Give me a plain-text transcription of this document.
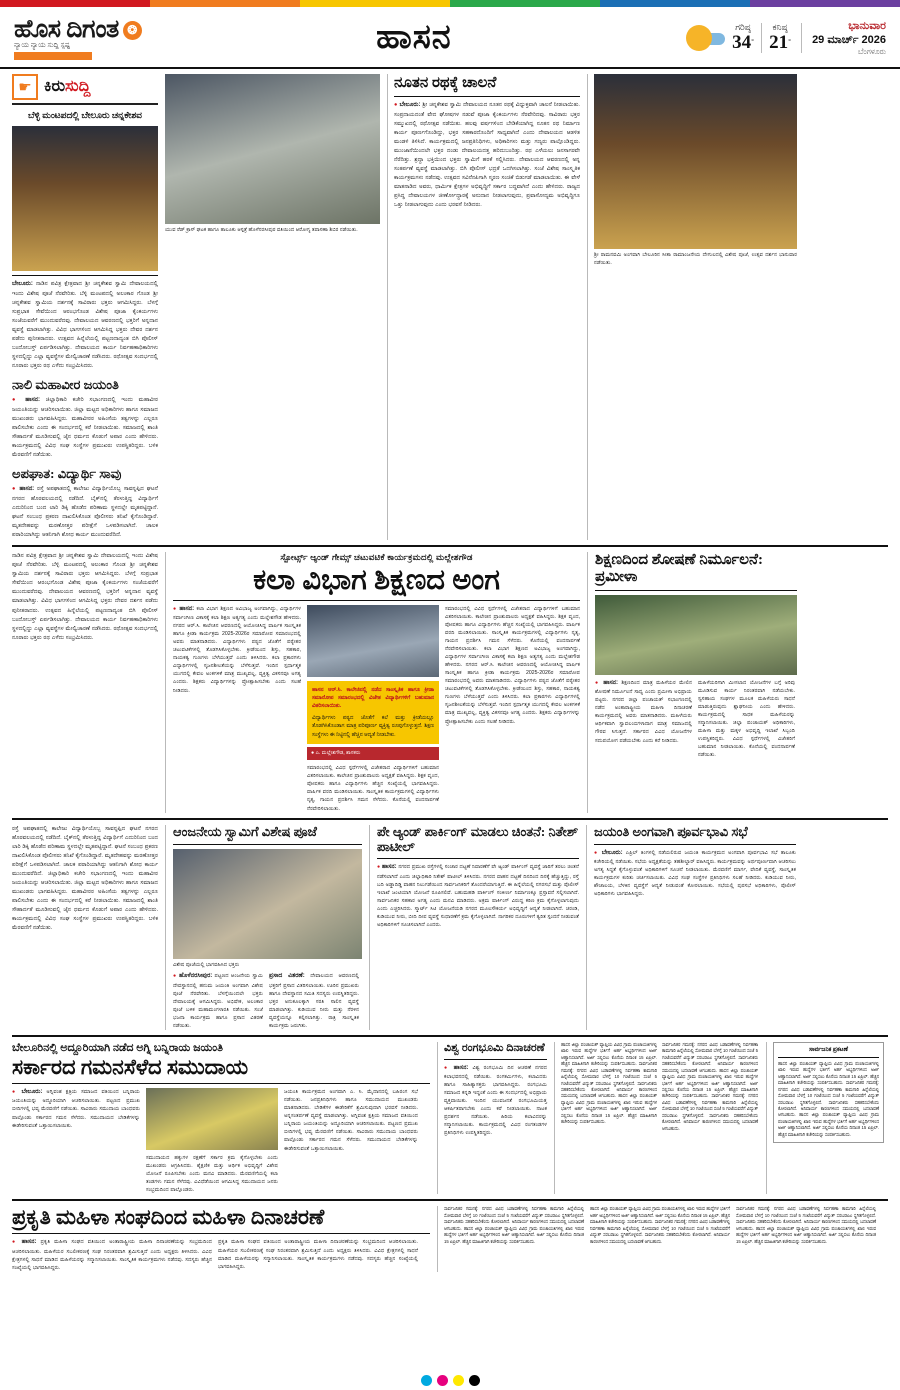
ಹೊಸ ದಿಗಂತ ❂
ನ್ಯಾಯ ನ್ಯಾಯ ಸುದ್ದಿ ಸ್ಪಷ್ಟ	ಹಾಸನ	ಗರಿಷ್ಠ
34°
ಕನಿಷ್ಠ
21°
ಭಾನುವಾರ
29 ಮಾರ್ಚ್ 2026
ಬೆಂಗಳೂರು
☛ ಕಿರುಸುದ್ದಿ
ಬೆಳ್ಳಿ ಮಂಟಪದಲ್ಲಿ ಬೇಲೂರು ಚನ್ನಕೇಶವ
ಬೇಲೂರು: ನಾಡಿನ ಪವಿತ್ರ ಕ್ಷೇತ್ರವಾದ ಶ್ರೀ ಚನ್ನಕೇಶವ ಸ್ವಾಮಿ ದೇವಾಲಯದಲ್ಲಿ ಇಂದು ವಿಶೇಷ ಪೂಜೆ ನೆರವೇರಿತು. ಬೆಳ್ಳಿ ಮಂಟಪದಲ್ಲಿ ಅಲಂಕಾರ ಗೊಂಡ ಶ್ರೀ ಚನ್ನಕೇಶವ ಸ್ವಾಮಿಯ ದರ್ಶನಕ್ಕೆ ಸಾವಿರಾರು ಭಕ್ತರು ಆಗಮಿಸಿದ್ದರು. ಬೆಳಗ್ಗೆ ಸುಪ್ರಭಾತ ಸೇವೆಯಿಂದ ಆರಂಭಗೊಂಡ ವಿಶೇಷ ಪೂಜಾ ಕೈಂಕರ್ಯಗಳು ಸಂಜೆಯವರೆಗೆ ಮುಂದುವರೆದವು. ದೇವಾಲಯದ ಆವರಣದಲ್ಲಿ ಭಕ್ತರಿಗೆ ಅನ್ನದಾನ ವ್ಯವಸ್ಥೆ ಮಾಡಲಾಗಿತ್ತು. ವಿವಿಧ ಭಾಗಗಳಿಂದ ಆಗಮಿಸಿದ್ದ ಭಕ್ತರು ದೇವರ ದರ್ಶನ ಪಡೆದು ಪುನೀತರಾದರು. ಉತ್ಸವದ ಹಿನ್ನೆಲೆಯಲ್ಲಿ ಪಟ್ಟಣದಾದ್ಯಂತ ಬಿಗಿ ಪೊಲೀಸ್ ಬಂದೋಬಸ್ತ್ ಏರ್ಪಡಿಸಲಾಗಿತ್ತು. ದೇವಾಲಯದ ಕಾರ್ಯ ನಿರ್ವಹಣಾಧಿಕಾರಿಗಳು ಸ್ಥಳದಲ್ಲಿದ್ದು ಎಲ್ಲಾ ವ್ಯವಸ್ಥೆಗಳ ಮೇಲ್ವಿಚಾರಣೆ ನಡೆಸಿದರು. ರಥೋತ್ಸವ ಸಂದರ್ಭದಲ್ಲಿ ನೂರಾರು ಭಕ್ತರು ರಥ ಎಳೆದು ಸಂಭ್ರಮಿಸಿದರು.
ನಾಲಿ ಮಹಾವೀರ ಜಯಂತಿ
● ಹಾಸನ: ಜಿಲ್ಲಾಧಿಕಾರಿ ಕಚೇರಿ ಸಭಾಂಗಣದಲ್ಲಿ ಇಂದು ಮಹಾವೀರ ಜಯಂತಿಯನ್ನು ಆಚರಿಸಲಾಯಿತು. ಜಿಲ್ಲಾ ಮಟ್ಟದ ಅಧಿಕಾರಿಗಳು ಹಾಗೂ ಸಮಾಜದ ಮುಖಂಡರು ಭಾಗವಹಿಸಿದ್ದರು. ಮಹಾವೀರರ ಅಹಿಂಸೆಯ ತತ್ವಗಳನ್ನು ಎಲ್ಲರೂ ಪಾಲಿಸಬೇಕು ಎಂದು ಈ ಸಂದರ್ಭದಲ್ಲಿ ಕರೆ ನೀಡಲಾಯಿತು. ಸಮಾಜದಲ್ಲಿ ಶಾಂತಿ ಸೌಹಾರ್ದತೆ ಮೂಡಿಸುವಲ್ಲಿ ಜೈನ ಧರ್ಮದ ಕೊಡುಗೆ ಅಪಾರ ಎಂದು ಹೇಳಿದರು. ಕಾರ್ಯಕ್ರಮದಲ್ಲಿ ವಿವಿಧ ಸಂಘ ಸಂಸ್ಥೆಗಳ ಪ್ರಮುಖರು ಉಪಸ್ಥಿತರಿದ್ದರು. ಬಳಿಕ ಮೆರವಣಿಗೆ ನಡೆಯಿತು.
ಅಪಘಾತ: ವಿದ್ಯಾರ್ಥಿ ಸಾವು
● ಹಾಸನ: ರಸ್ತೆ ಅಪಘಾತದಲ್ಲಿ ಕಾಲೇಜು ವಿದ್ಯಾರ್ಥಿಯೊಬ್ಬ ಸಾವನ್ನಪ್ಪಿದ ಘಟನೆ ನಗರದ ಹೊರವಲಯದಲ್ಲಿ ನಡೆದಿದೆ. ಬೈಕ್‌ನಲ್ಲಿ ತೆರಳುತ್ತಿದ್ದ ವಿದ್ಯಾರ್ಥಿಗೆ ಎದುರಿನಿಂದ ಬಂದ ಲಾರಿ ಡಿಕ್ಕಿ ಹೊಡೆದ ಪರಿಣಾಮ ಸ್ಥಳದಲ್ಲೇ ಮೃತಪಟ್ಟಿದ್ದಾನೆ. ಘಟನೆ ಸಂಬಂಧ ಪ್ರಕರಣ ದಾಖಲಿಸಿಕೊಂಡ ಪೊಲೀಸರು ತನಿಖೆ ಕೈಗೊಂಡಿದ್ದಾರೆ. ಮೃತದೇಹವನ್ನು ಮರಣೋತ್ತರ ಪರೀಕ್ಷೆಗೆ ಒಳಪಡಿಸಲಾಗಿದೆ. ಚಾಲಕ ಪರಾರಿಯಾಗಿದ್ದು ಆತನಿಗಾಗಿ ಶೋಧ ಕಾರ್ಯ ಮುಂದುವರೆದಿದೆ.
ಯುವ ರೆಡ್ ಕ್ರಾಸ್ ಘಟಕ ಹಾಗೂ ತಾಲೂಕು ಆಸ್ಪತ್ರೆ ಹೊಳೆನರಸೀಪುರ ವತಿಯಿಂದ ಆರೋಗ್ಯ ತಪಾಸಣಾ ಶಿಬಿರ ನಡೆಯಿತು.
ನೂತನ ರಥಕ್ಕೆ ಚಾಲನೆ
● ಬೇಲೂರು: ಶ್ರೀ ಚನ್ನಕೇಶವ ಸ್ವಾಮಿ ದೇವಾಲಯದ ನೂತನ ರಥಕ್ಕೆ ವಿಧ್ಯುಕ್ತವಾಗಿ ಚಾಲನೆ ನೀಡಲಾಯಿತು. ಸಂಪ್ರದಾಯದಂತೆ ವೇದ ಘೋಷಗಳ ನಡುವೆ ಪೂಜಾ ಕೈಂಕರ್ಯಗಳು ನೆರವೇರಿದವು. ಸಾವಿರಾರು ಭಕ್ತರ ಸಮ್ಮುಖದಲ್ಲಿ ರಥೋತ್ಸವ ನಡೆಯಿತು. ಹಲವು ವರ್ಷಗಳಿಂದ ಬೇಡಿಕೆಯಾಗಿದ್ದ ನೂತನ ರಥ ನಿರ್ಮಾಣ ಕಾರ್ಯ ಪೂರ್ಣಗೊಂಡಿದ್ದು, ಭಕ್ತರ ಸಹಕಾರದೊಂದಿಗೆ ಸಾಧ್ಯವಾಗಿದೆ ಎಂದು ದೇವಾಲಯದ ಆಡಳಿತ ಮಂಡಳಿ ತಿಳಿಸಿದೆ. ಕಾರ್ಯಕ್ರಮದಲ್ಲಿ ಜನಪ್ರತಿನಿಧಿಗಳು, ಅಧಿಕಾರಿಗಳು ಮತ್ತು ಗಣ್ಯರು ಪಾಲ್ಗೊಂಡಿದ್ದರು. ಮುಂಜಾನೆಯಿಂದಲೇ ಭಕ್ತರ ದಂಡು ದೇವಾಲಯದತ್ತ ಹರಿದುಬಂದಿತ್ತು. ರಥ ಎಳೆಯಲು ಜನಸಾಗರವೇ ನೆರೆದಿತ್ತು. ಶ್ರದ್ಧಾ ಭಕ್ತಿಯಿಂದ ಭಕ್ತರು ಸ್ವಾಮಿಗೆ ಹರಕೆ ಸಲ್ಲಿಸಿದರು. ದೇವಾಲಯದ ಆವರಣದಲ್ಲಿ ಅನ್ನ ಸಂತರ್ಪಣೆ ವ್ಯವಸ್ಥೆ ಮಾಡಲಾಗಿತ್ತು. ಬಿಗಿ ಪೊಲೀಸ್ ಭದ್ರತೆ ಒದಗಿಸಲಾಗಿತ್ತು. ಸಂಜೆ ವಿಶೇಷ ಸಾಂಸ್ಕೃತಿಕ ಕಾರ್ಯಕ್ರಮಗಳು ನಡೆದವು. ಉತ್ಸವದ ಸವಿನೆನಪಿಗಾಗಿ ಸ್ಮರಣ ಸಂಚಿಕೆ ಬಿಡುಗಡೆ ಮಾಡಲಾಯಿತು. ಈ ವೇಳೆ ಮಾತನಾಡಿದ ಅವರು, ಧಾರ್ಮಿಕ ಕ್ಷೇತ್ರಗಳ ಅಭಿವೃದ್ಧಿಗೆ ಸರ್ಕಾರ ಬದ್ಧವಾಗಿದೆ ಎಂದು ಹೇಳಿದರು. ರಾಜ್ಯದ ಪ್ರಸಿದ್ಧ ದೇವಾಲಯಗಳ ಜೀರ್ಣೋದ್ಧಾರಕ್ಕೆ ಅನುದಾನ ನೀಡಲಾಗುವುದು, ಪ್ರವಾಸೋದ್ಯಮ ಅಭಿವೃದ್ಧಿಗೂ ಒತ್ತು ನೀಡಲಾಗುವುದು ಎಂದು ಭರವಸೆ ನೀಡಿದರು.
ಶ್ರೀ ರಾಮನವಮಿ ಅಂಗವಾಗಿ ಬೇಲೂರಿನ ಸೀತಾ ರಾಮಾಂಜನೇಯ ದೇಗುಲದಲ್ಲಿ ವಿಶೇಷ ಪೂಜೆ, ಉತ್ಸವ ದರ್ಶನ ಭಾನುವಾರ ನಡೆಯಿತು.
ನಾಡಿನ ಪವಿತ್ರ ಕ್ಷೇತ್ರವಾದ ಶ್ರೀ ಚನ್ನಕೇಶವ ಸ್ವಾಮಿ ದೇವಾಲಯದಲ್ಲಿ ಇಂದು ವಿಶೇಷ ಪೂಜೆ ನೆರವೇರಿತು. ಬೆಳ್ಳಿ ಮಂಟಪದಲ್ಲಿ ಅಲಂಕಾರ ಗೊಂಡ ಶ್ರೀ ಚನ್ನಕೇಶವ ಸ್ವಾಮಿಯ ದರ್ಶನಕ್ಕೆ ಸಾವಿರಾರು ಭಕ್ತರು ಆಗಮಿಸಿದ್ದರು. ಬೆಳಗ್ಗೆ ಸುಪ್ರಭಾತ ಸೇವೆಯಿಂದ ಆರಂಭಗೊಂಡ ವಿಶೇಷ ಪೂಜಾ ಕೈಂಕರ್ಯಗಳು ಸಂಜೆಯವರೆಗೆ ಮುಂದುವರೆದವು. ದೇವಾಲಯದ ಆವರಣದಲ್ಲಿ ಭಕ್ತರಿಗೆ ಅನ್ನದಾನ ವ್ಯವಸ್ಥೆ ಮಾಡಲಾಗಿತ್ತು. ವಿವಿಧ ಭಾಗಗಳಿಂದ ಆಗಮಿಸಿದ್ದ ಭಕ್ತರು ದೇವರ ದರ್ಶನ ಪಡೆದು ಪುನೀತರಾದರು. ಉತ್ಸವದ ಹಿನ್ನೆಲೆಯಲ್ಲಿ ಪಟ್ಟಣದಾದ್ಯಂತ ಬಿಗಿ ಪೊಲೀಸ್ ಬಂದೋಬಸ್ತ್ ಏರ್ಪಡಿಸಲಾಗಿತ್ತು. ದೇವಾಲಯದ ಕಾರ್ಯ ನಿರ್ವಹಣಾಧಿಕಾರಿಗಳು ಸ್ಥಳದಲ್ಲಿದ್ದು ಎಲ್ಲಾ ವ್ಯವಸ್ಥೆಗಳ ಮೇಲ್ವಿಚಾರಣೆ ನಡೆಸಿದರು. ರಥೋತ್ಸವ ಸಂದರ್ಭದಲ್ಲಿ ನೂರಾರು ಭಕ್ತರು ರಥ ಎಳೆದು ಸಂಭ್ರಮಿಸಿದರು.
ಸ್ಪೋರ್ಟ್ಸ್ ಆ್ಯಂಡ್ ಗೇಮ್ಸ್ ಚಟುವಟಿಕೆ ಕಾರ್ಯಕ್ರಮದಲ್ಲಿ ಮಲ್ಲೇಶಗೌಡ
ಕಲಾ ವಿಭಾಗ ಶಿಕ್ಷಣದ ಅಂಗ
● ಹಾಸನ: ಕಲಾ ವಿಭಾಗ ಶಿಕ್ಷಣದ ಅವಿಭಾಜ್ಯ ಅಂಗವಾಗಿದ್ದು, ವಿದ್ಯಾರ್ಥಿಗಳ ಸರ್ವಾಂಗೀಣ ವಿಕಾಸಕ್ಕೆ ಕಲಾ ಶಿಕ್ಷಣ ಅತ್ಯಗತ್ಯ ಎಂದು ಮಲ್ಲೇಶಗೌಡ ಹೇಳಿದರು. ನಗರದ ಆರ್.ಸಿ. ಕಾಲೇಜಿನ ಆವರಣದಲ್ಲಿ ಆಯೋಜಿಸಿದ್ದ ವಾರ್ಷಿಕ ಸಾಂಸ್ಕೃತಿಕ ಹಾಗೂ ಕ್ರೀಡಾ ಕಾರ್ಯಕ್ರಮ 2025-2026ರ ಸಮಾರೋಪ ಸಮಾರಂಭದಲ್ಲಿ ಅವರು ಮಾತನಾಡಿದರು. ವಿದ್ಯಾರ್ಥಿಗಳು ಪಠ್ಯದ ಜೊತೆಗೆ ಪಠ್ಯೇತರ ಚಟುವಟಿಕೆಗಳಲ್ಲಿ ತೊಡಗಿಸಿಕೊಳ್ಳಬೇಕು. ಕ್ರೀಡೆಯಿಂದ ಶಿಸ್ತು, ಸಹಕಾರ, ನಾಯಕತ್ವ ಗುಣಗಳು ಬೆಳೆಯುತ್ತವೆ ಎಂದು ತಿಳಿಸಿದರು. ಕಲಾ ಪ್ರಕಾರಗಳು ವಿದ್ಯಾರ್ಥಿಗಳಲ್ಲಿ ಸೃಜನಶೀಲತೆಯನ್ನು ಬೆಳೆಸುತ್ತವೆ. ಇಂದಿನ ಸ್ಪರ್ಧಾತ್ಮಕ ಯುಗದಲ್ಲಿ ಕೇವಲ ಅಂಕಗಳಿಕೆ ಮಾತ್ರ ಮುಖ್ಯವಲ್ಲ, ವ್ಯಕ್ತಿತ್ವ ವಿಕಸನವೂ ಅಗತ್ಯ ಎಂದರು. ಶಿಕ್ಷಕರು ವಿದ್ಯಾರ್ಥಿಗಳನ್ನು ಪ್ರೋತ್ಸಾಹಿಸಬೇಕು ಎಂದು ಸಲಹೆ ನೀಡಿದರು.	ಹಾಸನ ಆರ್.ಸಿ. ಕಾಲೇಜಿನಲ್ಲಿ ನಡೆದ ಸಾಂಸ್ಕೃತಿಕ ಹಾಗೂ ಕ್ರೀಡಾ ಸಮಾರೋಪ ಸಮಾರಂಭದಲ್ಲಿ ವಿಜೇತ ವಿದ್ಯಾರ್ಥಿಗಳಿಗೆ ಬಹುಮಾನ ವಿತರಿಸಲಾಯಿತು.
ವಿದ್ಯಾರ್ಥಿಗಳು ಪಠ್ಯದ ಜೊತೆಗೆ ಕಲೆ ಮತ್ತು ಕ್ರೀಡೆಯಲ್ಲೂ ತೊಡಗಿಸಿಕೊಂಡಾಗ ಮಾತ್ರ ಪರಿಪೂರ್ಣ ವ್ಯಕ್ತಿತ್ವ ರೂಪುಗೊಳ್ಳುತ್ತದೆ. ಶಿಕ್ಷಣ ಸಂಸ್ಥೆಗಳು ಈ ನಿಟ್ಟಿನಲ್ಲಿ ಹೆಚ್ಚಿನ ಆದ್ಯತೆ ನೀಡಬೇಕು.
● ಎ. ಮಲ್ಲೇಶಗೌಡ, ಶಾಸಕರು
ಸಮಾರಂಭದಲ್ಲಿ ವಿವಿಧ ಸ್ಪರ್ಧೆಗಳಲ್ಲಿ ವಿಜೇತರಾದ ವಿದ್ಯಾರ್ಥಿಗಳಿಗೆ ಬಹುಮಾನ ವಿತರಿಸಲಾಯಿತು. ಕಾಲೇಜಿನ ಪ್ರಾಂಶುಪಾಲರು ಅಧ್ಯಕ್ಷತೆ ವಹಿಸಿದ್ದರು. ಶಿಕ್ಷಕ ವೃಂದ, ಪೋಷಕರು ಹಾಗೂ ವಿದ್ಯಾರ್ಥಿಗಳು ಹೆಚ್ಚಿನ ಸಂಖ್ಯೆಯಲ್ಲಿ ಭಾಗವಹಿಸಿದ್ದರು. ವಾರ್ಷಿಕ ವರದಿ ಮಂಡಿಸಲಾಯಿತು. ಸಾಂಸ್ಕೃತಿಕ ಕಾರ್ಯಕ್ರಮಗಳಲ್ಲಿ ವಿದ್ಯಾರ್ಥಿಗಳು ನೃತ್ಯ, ಗಾಯನ ಪ್ರದರ್ಶಿಸಿ ಗಮನ ಸೆಳೆದರು. ಕೊನೆಯಲ್ಲಿ ವಂದನಾರ್ಪಣೆ ನೆರವೇರಿಸಲಾಯಿತು.
ಸಮಾರಂಭದಲ್ಲಿ ವಿವಿಧ ಸ್ಪರ್ಧೆಗಳಲ್ಲಿ ವಿಜೇತರಾದ ವಿದ್ಯಾರ್ಥಿಗಳಿಗೆ ಬಹುಮಾನ ವಿತರಿಸಲಾಯಿತು. ಕಾಲೇಜಿನ ಪ್ರಾಂಶುಪಾಲರು ಅಧ್ಯಕ್ಷತೆ ವಹಿಸಿದ್ದರು. ಶಿಕ್ಷಕ ವೃಂದ, ಪೋಷಕರು ಹಾಗೂ ವಿದ್ಯಾರ್ಥಿಗಳು ಹೆಚ್ಚಿನ ಸಂಖ್ಯೆಯಲ್ಲಿ ಭಾಗವಹಿಸಿದ್ದರು. ವಾರ್ಷಿಕ ವರದಿ ಮಂಡಿಸಲಾಯಿತು. ಸಾಂಸ್ಕೃತಿಕ ಕಾರ್ಯಕ್ರಮಗಳಲ್ಲಿ ವಿದ್ಯಾರ್ಥಿಗಳು ನೃತ್ಯ, ಗಾಯನ ಪ್ರದರ್ಶಿಸಿ ಗಮನ ಸೆಳೆದರು. ಕೊನೆಯಲ್ಲಿ ವಂದನಾರ್ಪಣೆ ನೆರವೇರಿಸಲಾಯಿತು. ಕಲಾ ವಿಭಾಗ ಶಿಕ್ಷಣದ ಅವಿಭಾಜ್ಯ ಅಂಗವಾಗಿದ್ದು, ವಿದ್ಯಾರ್ಥಿಗಳ ಸರ್ವಾಂಗೀಣ ವಿಕಾಸಕ್ಕೆ ಕಲಾ ಶಿಕ್ಷಣ ಅತ್ಯಗತ್ಯ ಎಂದು ಮಲ್ಲೇಶಗೌಡ ಹೇಳಿದರು. ನಗರದ ಆರ್.ಸಿ. ಕಾಲೇಜಿನ ಆವರಣದಲ್ಲಿ ಆಯೋಜಿಸಿದ್ದ ವಾರ್ಷಿಕ ಸಾಂಸ್ಕೃತಿಕ ಹಾಗೂ ಕ್ರೀಡಾ ಕಾರ್ಯಕ್ರಮ 2025-2026ರ ಸಮಾರೋಪ ಸಮಾರಂಭದಲ್ಲಿ ಅವರು ಮಾತನಾಡಿದರು. ವಿದ್ಯಾರ್ಥಿಗಳು ಪಠ್ಯದ ಜೊತೆಗೆ ಪಠ್ಯೇತರ ಚಟುವಟಿಕೆಗಳಲ್ಲಿ ತೊಡಗಿಸಿಕೊಳ್ಳಬೇಕು. ಕ್ರೀಡೆಯಿಂದ ಶಿಸ್ತು, ಸಹಕಾರ, ನಾಯಕತ್ವ ಗುಣಗಳು ಬೆಳೆಯುತ್ತವೆ ಎಂದು ತಿಳಿಸಿದರು. ಕಲಾ ಪ್ರಕಾರಗಳು ವಿದ್ಯಾರ್ಥಿಗಳಲ್ಲಿ ಸೃಜನಶೀಲತೆಯನ್ನು ಬೆಳೆಸುತ್ತವೆ. ಇಂದಿನ ಸ್ಪರ್ಧಾತ್ಮಕ ಯುಗದಲ್ಲಿ ಕೇವಲ ಅಂಕಗಳಿಕೆ ಮಾತ್ರ ಮುಖ್ಯವಲ್ಲ, ವ್ಯಕ್ತಿತ್ವ ವಿಕಸನವೂ ಅಗತ್ಯ ಎಂದರು. ಶಿಕ್ಷಕರು ವಿದ್ಯಾರ್ಥಿಗಳನ್ನು ಪ್ರೋತ್ಸಾಹಿಸಬೇಕು ಎಂದು ಸಲಹೆ ನೀಡಿದರು.
ಶಿಕ್ಷಣದಿಂದ ಶೋಷಣೆ ನಿರ್ಮೂಲನೆ: ಪ್ರಮೀಳಾ
● ಹಾಸನ: ಶಿಕ್ಷಣದಿಂದ ಮಾತ್ರ ಮಹಿಳೆಯರ ಮೇಲಿನ ಶೋಷಣೆ ನಿರ್ಮೂಲನೆ ಸಾಧ್ಯ ಎಂದು ಪ್ರಮೀಳಾ ಅಭಿಪ್ರಾಯ ಪಟ್ಟರು. ನಗರದ ಜಿಲ್ಲಾ ಪಂಚಾಯತ್ ಸಭಾಂಗಣದಲ್ಲಿ ನಡೆದ ಅಂತಾರಾಷ್ಟ್ರೀಯ ಮಹಿಳಾ ದಿನಾಚರಣೆ ಕಾರ್ಯಕ್ರಮದಲ್ಲಿ ಅವರು ಮಾತನಾಡಿದರು. ಮಹಿಳೆಯರು ಆರ್ಥಿಕವಾಗಿ ಸ್ವಾವಲಂಬಿಗಳಾದಾಗ ಮಾತ್ರ ಸಮಾಜದಲ್ಲಿ ಗೌರವ ಸಿಗುತ್ತದೆ. ಸರ್ಕಾರದ ವಿವಿಧ ಯೋಜನೆಗಳ ಸದುಪಯೋಗ ಪಡೆಯಬೇಕು ಎಂದು ಕರೆ ನೀಡಿದರು.
ಮಹಿಳೆಯರಿಗಾಗಿ ಮೀಸಲಾದ ಯೋಜನೆಗಳ ಬಗ್ಗೆ ಅರಿವು ಮೂಡಿಸುವ ಕಾರ್ಯ ನಿರಂತರವಾಗಿ ನಡೆಯಬೇಕು. ಸ್ವಸಹಾಯ ಸಂಘಗಳ ಮೂಲಕ ಮಹಿಳೆಯರು ಸಾಧನೆ ಮಾಡುತ್ತಿರುವುದು ಶ್ಲಾಘನೀಯ ಎಂದು ಹೇಳಿದರು. ಕಾರ್ಯಕ್ರಮದಲ್ಲಿ ಸಾಧಕ ಮಹಿಳೆಯರನ್ನು ಸನ್ಮಾನಿಸಲಾಯಿತು. ಜಿಲ್ಲಾ ಪಂಚಾಯತ್ ಅಧಿಕಾರಿಗಳು, ಮಹಿಳಾ ಮತ್ತು ಮಕ್ಕಳ ಅಭಿವೃದ್ಧಿ ಇಲಾಖೆ ಸಿಬ್ಬಂದಿ ಉಪಸ್ಥಿತರಿದ್ದರು. ವಿವಿಧ ಸ್ಪರ್ಧೆಗಳಲ್ಲಿ ವಿಜೇತರಿಗೆ ಬಹುಮಾನ ನೀಡಲಾಯಿತು. ಕೊನೆಯಲ್ಲಿ ವಂದನಾರ್ಪಣೆ ನಡೆಯಿತು.
ರಸ್ತೆ ಅಪಘಾತದಲ್ಲಿ ಕಾಲೇಜು ವಿದ್ಯಾರ್ಥಿಯೊಬ್ಬ ಸಾವನ್ನಪ್ಪಿದ ಘಟನೆ ನಗರದ ಹೊರವಲಯದಲ್ಲಿ ನಡೆದಿದೆ. ಬೈಕ್‌ನಲ್ಲಿ ತೆರಳುತ್ತಿದ್ದ ವಿದ್ಯಾರ್ಥಿಗೆ ಎದುರಿನಿಂದ ಬಂದ ಲಾರಿ ಡಿಕ್ಕಿ ಹೊಡೆದ ಪರಿಣಾಮ ಸ್ಥಳದಲ್ಲೇ ಮೃತಪಟ್ಟಿದ್ದಾನೆ. ಘಟನೆ ಸಂಬಂಧ ಪ್ರಕರಣ ದಾಖಲಿಸಿಕೊಂಡ ಪೊಲೀಸರು ತನಿಖೆ ಕೈಗೊಂಡಿದ್ದಾರೆ. ಮೃತದೇಹವನ್ನು ಮರಣೋತ್ತರ ಪರೀಕ್ಷೆಗೆ ಒಳಪಡಿಸಲಾಗಿದೆ. ಚಾಲಕ ಪರಾರಿಯಾಗಿದ್ದು ಆತನಿಗಾಗಿ ಶೋಧ ಕಾರ್ಯ ಮುಂದುವರೆದಿದೆ. ಜಿಲ್ಲಾಧಿಕಾರಿ ಕಚೇರಿ ಸಭಾಂಗಣದಲ್ಲಿ ಇಂದು ಮಹಾವೀರ ಜಯಂತಿಯನ್ನು ಆಚರಿಸಲಾಯಿತು. ಜಿಲ್ಲಾ ಮಟ್ಟದ ಅಧಿಕಾರಿಗಳು ಹಾಗೂ ಸಮಾಜದ ಮುಖಂಡರು ಭಾಗವಹಿಸಿದ್ದರು. ಮಹಾವೀರರ ಅಹಿಂಸೆಯ ತತ್ವಗಳನ್ನು ಎಲ್ಲರೂ ಪಾಲಿಸಬೇಕು ಎಂದು ಈ ಸಂದರ್ಭದಲ್ಲಿ ಕರೆ ನೀಡಲಾಯಿತು. ಸಮಾಜದಲ್ಲಿ ಶಾಂತಿ ಸೌಹಾರ್ದತೆ ಮೂಡಿಸುವಲ್ಲಿ ಜೈನ ಧರ್ಮದ ಕೊಡುಗೆ ಅಪಾರ ಎಂದು ಹೇಳಿದರು. ಕಾರ್ಯಕ್ರಮದಲ್ಲಿ ವಿವಿಧ ಸಂಘ ಸಂಸ್ಥೆಗಳ ಪ್ರಮುಖರು ಉಪಸ್ಥಿತರಿದ್ದರು. ಬಳಿಕ ಮೆರವಣಿಗೆ ನಡೆಯಿತು.
ಆಂಜನೇಯ ಸ್ವಾಮಿಗೆ ವಿಶೇಷ ಪೂಜೆ
ವಿಶೇಷ ಪೂಜೆಯಲ್ಲಿ ಭಾಗವಹಿಸಿದ ಭಕ್ತರು
● ಹೊಳೆನರಸೀಪುರ: ಪಟ್ಟಣದ ಆಂಜನೇಯ ಸ್ವಾಮಿ ದೇವಸ್ಥಾನದಲ್ಲಿ ಹನುಮ ಜಯಂತಿ ಅಂಗವಾಗಿ ವಿಶೇಷ ಪೂಜೆ ನೆರವೇರಿತು. ಬೆಳಗ್ಗೆಯಿಂದಲೇ ಭಕ್ತರು ದೇವಾಲಯಕ್ಕೆ ಆಗಮಿಸಿದ್ದರು. ಅಭಿಷೇಕ, ಅಲಂಕಾರ ಪೂಜೆ ಬಳಿಕ ಮಹಾಮಂಗಳಾರತಿ ನಡೆಯಿತು. ಸಂಜೆ ಭಜನಾ ಕಾರ್ಯಕ್ರಮ ಹಾಗೂ ಪ್ರಸಾದ ವಿತರಣೆ ನಡೆಯಿತು.
ಪ್ರಸಾದ ವಿತರಣೆ: ದೇವಾಲಯದ ಆವರಣದಲ್ಲಿ ಭಕ್ತರಿಗೆ ಪ್ರಸಾದ ವಿತರಿಸಲಾಯಿತು. ಊರಿನ ಪ್ರಮುಖರು ಹಾಗೂ ದೇವಸ್ಥಾನದ ಸಮಿತಿ ಸದಸ್ಯರು ಉಪಸ್ಥಿತರಿದ್ದರು. ಭಕ್ತರ ಅನುಕೂಲಕ್ಕಾಗಿ ಸರತಿ ಸಾಲಿನ ವ್ಯವಸ್ಥೆ ಮಾಡಲಾಗಿತ್ತು. ಕುಡಿಯುವ ನೀರು ಮತ್ತು ನೆರಳಿನ ವ್ಯವಸ್ಥೆಯನ್ನೂ ಕಲ್ಪಿಸಲಾಗಿತ್ತು. ರಾತ್ರಿ ಸಾಂಸ್ಕೃತಿಕ ಕಾರ್ಯಕ್ರಮ ಜರುಗಿತು.
ಪೇ ಆ್ಯಂಡ್ ಪಾರ್ಕಿಂಗ್ ಮಾಡಲು ಚಿಂತನೆ: ನಿತೇಶ್ ಪಾಟೀಲ್
● ಹಾಸನ: ನಗರದ ಪ್ರಮುಖ ರಸ್ತೆಗಳಲ್ಲಿ ಸಂಚಾರ ದಟ್ಟಣೆ ನಿವಾರಣೆಗೆ ಪೇ ಆ್ಯಂಡ್ ಪಾರ್ಕಿಂಗ್ ವ್ಯವಸ್ಥೆ ಜಾರಿಗೆ ತರಲು ಚಿಂತನೆ ನಡೆಸಲಾಗಿದೆ ಎಂದು ಜಿಲ್ಲಾಧಿಕಾರಿ ನಿತೇಶ್ ಪಾಟೀಲ್ ತಿಳಿಸಿದರು. ನಗರದ ವಾಹನ ದಟ್ಟಣೆ ದಿನದಿಂದ ದಿನಕ್ಕೆ ಹೆಚ್ಚುತ್ತಿದ್ದು, ರಸ್ತೆ ಬದಿ ಅಡ್ಡಾದಿಡ್ಡಿ ವಾಹನ ನಿಲುಗಡೆಯಿಂದ ಸಾರ್ವಜನಿಕರಿಗೆ ತೊಂದರೆಯಾಗುತ್ತಿದೆ. ಈ ಹಿನ್ನೆಲೆಯಲ್ಲಿ ನಗರಸಭೆ ಮತ್ತು ಪೊಲೀಸ್ ಇಲಾಖೆ ಜಂಟಿಯಾಗಿ ಯೋಜನೆ ರೂಪಿಸಲಿವೆ. ಬಹುಮಹಡಿ ಪಾರ್ಕಿಂಗ್ ಸಂಕೀರ್ಣ ನಿರ್ಮಾಣಕ್ಕೂ ಪ್ರಸ್ತಾವನೆ ಸಲ್ಲಿಸಲಾಗಿದೆ. ಸಾರ್ವಜನಿಕರ ಸಹಕಾರ ಅಗತ್ಯ ಎಂದು ಮನವಿ ಮಾಡಿದರು. ಅಕ್ರಮ ಪಾರ್ಕಿಂಗ್ ವಿರುದ್ಧ ಕಠಿಣ ಕ್ರಮ ಕೈಗೊಳ್ಳಲಾಗುವುದು ಎಂದು ಎಚ್ಚರಿಸಿದರು. ಸ್ಮಾರ್ಟ್ ಸಿಟಿ ಯೋಜನೆಯಡಿ ನಗರದ ಮೂಲಸೌಕರ್ಯ ಅಭಿವೃದ್ಧಿಗೆ ಆದ್ಯತೆ ನೀಡಲಾಗಿದೆ. ಚರಂಡಿ, ಕುಡಿಯುವ ನೀರು, ಬೀದಿ ದೀಪ ವ್ಯವಸ್ಥೆ ಸುಧಾರಣೆಗೆ ಕ್ರಮ ಕೈಗೊಳ್ಳಲಾಗಿದೆ. ನಾಗರಿಕರ ದೂರುಗಳಿಗೆ ತ್ವರಿತ ಸ್ಪಂದನೆ ನೀಡುವಂತೆ ಅಧಿಕಾರಿಗಳಿಗೆ ಸೂಚಿಸಲಾಗಿದೆ ಎಂದರು.
ಜಯಂತಿ ಅಂಗವಾಗಿ ಪೂರ್ವಭಾವಿ ಸಭೆ
● ಬೇಲೂರು: ಎಪ್ರಿಲ್ ತಿಂಗಳಲ್ಲಿ ನಡೆಯಲಿರುವ ಜಯಂತಿ ಕಾರ್ಯಕ್ರಮದ ಅಂಗವಾಗಿ ಪೂರ್ವಭಾವಿ ಸಭೆ ತಾಲೂಕು ಕಚೇರಿಯಲ್ಲಿ ನಡೆಯಿತು. ಸಭೆಯ ಅಧ್ಯಕ್ಷತೆಯನ್ನು ತಹಶೀಲ್ದಾರ್ ವಹಿಸಿದ್ದರು. ಕಾರ್ಯಕ್ರಮವನ್ನು ಅರ್ಥಪೂರ್ಣವಾಗಿ ಆಚರಿಸಲು ಅಗತ್ಯ ಸಿದ್ಧತೆ ಕೈಗೊಳ್ಳುವಂತೆ ಅಧಿಕಾರಿಗಳಿಗೆ ಸೂಚನೆ ನೀಡಲಾಯಿತು. ಮೆರವಣಿಗೆ ಮಾರ್ಗ, ವೇದಿಕೆ ವ್ಯವಸ್ಥೆ, ಸಾಂಸ್ಕೃತಿಕ ಕಾರ್ಯಕ್ರಮಗಳ ಕುರಿತು ಚರ್ಚಿಸಲಾಯಿತು. ವಿವಿಧ ಸಂಘ ಸಂಸ್ಥೆಗಳ ಪ್ರತಿನಿಧಿಗಳು ಸಲಹೆ ನೀಡಿದರು. ಕುಡಿಯುವ ನೀರು, ಶೌಚಾಲಯ, ಬೆಳಕಿನ ವ್ಯವಸ್ಥೆಗೆ ಆದ್ಯತೆ ನೀಡುವಂತೆ ಕೋರಲಾಯಿತು. ಸಭೆಯಲ್ಲಿ ಪುರಸಭೆ ಅಧಿಕಾರಿಗಳು, ಪೊಲೀಸ್ ಅಧಿಕಾರಿಗಳು ಭಾಗವಹಿಸಿದ್ದರು.
ಬೇಲೂರಿನಲ್ಲಿ ಅದ್ದೂರಿಯಾಗಿ ನಡೆದ ಅಗ್ನಿ ಬನ್ನಿರಾಯ ಜಯಂತಿ
ಸರ್ಕಾರದ ಗಮನಸೆಳೆದ ಸಮುದಾಯ
● ಬೇಲೂರು: ಅಗ್ನಿವಂಶ ಕ್ಷತ್ರಿಯ ಸಮಾಜದ ವತಿಯಿಂದ ಬನ್ನಿರಾಯ ಜಯಂತಿಯನ್ನು ಅದ್ದೂರಿಯಾಗಿ ಆಚರಿಸಲಾಯಿತು. ಪಟ್ಟಣದ ಪ್ರಮುಖ ಬೀದಿಗಳಲ್ಲಿ ಭವ್ಯ ಮೆರವಣಿಗೆ ನಡೆಯಿತು. ಸಾವಿರಾರು ಸಮುದಾಯ ಬಾಂಧವರು ಪಾಲ್ಗೊಂಡು ಸರ್ಕಾರದ ಗಮನ ಸೆಳೆದರು. ಸಮುದಾಯದ ಬೇಡಿಕೆಗಳನ್ನು ಈಡೇರಿಸುವಂತೆ ಒತ್ತಾಯಿಸಲಾಯಿತು.
ಸಮುದಾಯದ ಹಕ್ಕುಗಳ ರಕ್ಷಣೆಗೆ ಸರ್ಕಾರ ಕ್ರಮ ಕೈಗೊಳ್ಳಬೇಕು ಎಂದು ಮುಖಂಡರು ಆಗ್ರಹಿಸಿದರು. ಶೈಕ್ಷಣಿಕ ಮತ್ತು ಆರ್ಥಿಕ ಅಭಿವೃದ್ಧಿಗೆ ವಿಶೇಷ ಯೋಜನೆ ರೂಪಿಸಬೇಕು ಎಂದು ಮನವಿ ಮಾಡಿದರು. ಮೆರವಣಿಗೆಯಲ್ಲಿ ಕಲಾ ತಂಡಗಳು ಗಮನ ಸೆಳೆದವು. ವಿವಿಧೆಡೆಯಿಂದ ಆಗಮಿಸಿದ್ದ ಸಮುದಾಯದ ಜನರು ಸಂಭ್ರಮದಿಂದ ಪಾಲ್ಗೊಂಡರು.
ಜಯಂತಿ ಕಾರ್ಯಕ್ರಮದ ಅಂಗವಾಗಿ ಎ. ಸಿ. ಮೈದಾನದಲ್ಲಿ ಬಹಿರಂಗ ಸಭೆ ನಡೆಯಿತು. ಜನಪ್ರತಿನಿಧಿಗಳು ಹಾಗೂ ಸಮುದಾಯದ ಮುಖಂಡರು ಮಾತನಾಡಿದರು. ಬೇಡಿಕೆಗಳ ಈಡೇರಿಕೆಗೆ ಶ್ರಮಿಸುವುದಾಗಿ ಭರವಸೆ ನೀಡಿದರು. ಅನ್ನಸಂತರ್ಪಣೆ ವ್ಯವಸ್ಥೆ ಮಾಡಲಾಗಿತ್ತು. ಅಗ್ನಿವಂಶ ಕ್ಷತ್ರಿಯ ಸಮಾಜದ ವತಿಯಿಂದ ಬನ್ನಿರಾಯ ಜಯಂತಿಯನ್ನು ಅದ್ದೂರಿಯಾಗಿ ಆಚರಿಸಲಾಯಿತು. ಪಟ್ಟಣದ ಪ್ರಮುಖ ಬೀದಿಗಳಲ್ಲಿ ಭವ್ಯ ಮೆರವಣಿಗೆ ನಡೆಯಿತು. ಸಾವಿರಾರು ಸಮುದಾಯ ಬಾಂಧವರು ಪಾಲ್ಗೊಂಡು ಸರ್ಕಾರದ ಗಮನ ಸೆಳೆದರು. ಸಮುದಾಯದ ಬೇಡಿಕೆಗಳನ್ನು ಈಡೇರಿಸುವಂತೆ ಒತ್ತಾಯಿಸಲಾಯಿತು.
ವಿಶ್ವ ರಂಗಭೂಮಿ ದಿನಾಚರಣೆ
● ಹಾಸನ: ವಿಶ್ವ ರಂಗಭೂಮಿ ದಿನ ಆಚರಣೆ ನಗರದ ಕಲಾಭವನದಲ್ಲಿ ನಡೆಯಿತು. ರಂಗಕರ್ಮಿಗಳು, ಕಲಾವಿದರು ಹಾಗೂ ಸಾಹಿತ್ಯಾಸಕ್ತರು ಭಾಗವಹಿಸಿದ್ದರು. ರಂಗಭೂಮಿ ಸಮಾಜದ ಕನ್ನಡಿ ಇದ್ದಂತೆ ಎಂದು ಈ ಸಂದರ್ಭದಲ್ಲಿ ಅಭಿಪ್ರಾಯ ವ್ಯಕ್ತವಾಯಿತು. ಇಂದಿನ ಯುವಜನತೆ ರಂಗಭೂಮಿಯತ್ತ ಆಕರ್ಷಿತರಾಗಬೇಕು ಎಂದು ಕರೆ ನೀಡಲಾಯಿತು. ನಾಟಕ ಪ್ರದರ್ಶನ ನಡೆಯಿತು. ಹಿರಿಯ ಕಲಾವಿದರನ್ನು ಸನ್ಮಾನಿಸಲಾಯಿತು. ಕಾರ್ಯಕ್ರಮದಲ್ಲಿ ವಿವಿಧ ರಂಗತಂಡಗಳ ಪ್ರತಿನಿಧಿಗಳು ಉಪಸ್ಥಿತರಿದ್ದರು.
ಹಾಸನ ಜಿಲ್ಲಾ ಪಂಚಾಯತ್ ವ್ಯಾಪ್ತಿಯ ವಿವಿಧ ಗ್ರಾಮ ಪಂಚಾಯತಿಗಳಲ್ಲಿ ಖಾಲಿ ಇರುವ ಹುದ್ದೆಗಳ ಭರ್ತಿಗೆ ಅರ್ಹ ಅಭ್ಯರ್ಥಿಗಳಿಂದ ಅರ್ಜಿ ಆಹ್ವಾನಿಸಲಾಗಿದೆ. ಅರ್ಜಿ ಸಲ್ಲಿಸಲು ಕೊನೆಯ ದಿನಾಂಕ 15 ಏಪ್ರಿಲ್. ಹೆಚ್ಚಿನ ಮಾಹಿತಿಗಾಗಿ ಕಚೇರಿಯನ್ನು ಸಂಪರ್ಕಿಸಬಹುದು. ಸಾರ್ವಜನಿಕರ ಗಮನಕ್ಕೆ: ನಗರದ ವಿವಿಧ ಬಡಾವಣೆಗಳಲ್ಲಿ ನಿರ್ವಹಣಾ ಕಾಮಗಾರಿ ಹಿನ್ನೆಲೆಯಲ್ಲಿ ಸೋಮವಾರ ಬೆಳಗ್ಗೆ 10 ಗಂಟೆಯಿಂದ ಸಂಜೆ 5 ಗಂಟೆಯವರೆಗೆ ವಿದ್ಯುತ್ ಸರಬರಾಜು ಸ್ಥಗಿತಗೊಳ್ಳಲಿದೆ. ಸಾರ್ವಜನಿಕರು ಸಹಕರಿಸಬೇಕೆಂದು ಕೋರಲಾಗಿದೆ. ಅನಿವಾರ್ಯ ಕಾರಣಗಳಿಂದ ಸಮಯದಲ್ಲಿ ಬದಲಾವಣೆ ಆಗಬಹುದು. ಹಾಸನ ಜಿಲ್ಲಾ ಪಂಚಾಯತ್ ವ್ಯಾಪ್ತಿಯ ವಿವಿಧ ಗ್ರಾಮ ಪಂಚಾಯತಿಗಳಲ್ಲಿ ಖಾಲಿ ಇರುವ ಹುದ್ದೆಗಳ ಭರ್ತಿಗೆ ಅರ್ಹ ಅಭ್ಯರ್ಥಿಗಳಿಂದ ಅರ್ಜಿ ಆಹ್ವಾನಿಸಲಾಗಿದೆ. ಅರ್ಜಿ ಸಲ್ಲಿಸಲು ಕೊನೆಯ ದಿನಾಂಕ 15 ಏಪ್ರಿಲ್. ಹೆಚ್ಚಿನ ಮಾಹಿತಿಗಾಗಿ ಕಚೇರಿಯನ್ನು ಸಂಪರ್ಕಿಸಬಹುದು.
ಸಾರ್ವಜನಿಕರ ಗಮನಕ್ಕೆ: ನಗರದ ವಿವಿಧ ಬಡಾವಣೆಗಳಲ್ಲಿ ನಿರ್ವಹಣಾ ಕಾಮಗಾರಿ ಹಿನ್ನೆಲೆಯಲ್ಲಿ ಸೋಮವಾರ ಬೆಳಗ್ಗೆ 10 ಗಂಟೆಯಿಂದ ಸಂಜೆ 5 ಗಂಟೆಯವರೆಗೆ ವಿದ್ಯುತ್ ಸರಬರಾಜು ಸ್ಥಗಿತಗೊಳ್ಳಲಿದೆ. ಸಾರ್ವಜನಿಕರು ಸಹಕರಿಸಬೇಕೆಂದು ಕೋರಲಾಗಿದೆ. ಅನಿವಾರ್ಯ ಕಾರಣಗಳಿಂದ ಸಮಯದಲ್ಲಿ ಬದಲಾವಣೆ ಆಗಬಹುದು. ಹಾಸನ ಜಿಲ್ಲಾ ಪಂಚಾಯತ್ ವ್ಯಾಪ್ತಿಯ ವಿವಿಧ ಗ್ರಾಮ ಪಂಚಾಯತಿಗಳಲ್ಲಿ ಖಾಲಿ ಇರುವ ಹುದ್ದೆಗಳ ಭರ್ತಿಗೆ ಅರ್ಹ ಅಭ್ಯರ್ಥಿಗಳಿಂದ ಅರ್ಜಿ ಆಹ್ವಾನಿಸಲಾಗಿದೆ. ಅರ್ಜಿ ಸಲ್ಲಿಸಲು ಕೊನೆಯ ದಿನಾಂಕ 15 ಏಪ್ರಿಲ್. ಹೆಚ್ಚಿನ ಮಾಹಿತಿಗಾಗಿ ಕಚೇರಿಯನ್ನು ಸಂಪರ್ಕಿಸಬಹುದು. ಸಾರ್ವಜನಿಕರ ಗಮನಕ್ಕೆ: ನಗರದ ವಿವಿಧ ಬಡಾವಣೆಗಳಲ್ಲಿ ನಿರ್ವಹಣಾ ಕಾಮಗಾರಿ ಹಿನ್ನೆಲೆಯಲ್ಲಿ ಸೋಮವಾರ ಬೆಳಗ್ಗೆ 10 ಗಂಟೆಯಿಂದ ಸಂಜೆ 5 ಗಂಟೆಯವರೆಗೆ ವಿದ್ಯುತ್ ಸರಬರಾಜು ಸ್ಥಗಿತಗೊಳ್ಳಲಿದೆ. ಸಾರ್ವಜನಿಕರು ಸಹಕರಿಸಬೇಕೆಂದು ಕೋರಲಾಗಿದೆ. ಅನಿವಾರ್ಯ ಕಾರಣಗಳಿಂದ ಸಮಯದಲ್ಲಿ ಬದಲಾವಣೆ ಆಗಬಹುದು.
ಸಾರ್ವಜನಿಕ ಪ್ರಕಟಣೆ
ಹಾಸನ ಜಿಲ್ಲಾ ಪಂಚಾಯತ್ ವ್ಯಾಪ್ತಿಯ ವಿವಿಧ ಗ್ರಾಮ ಪಂಚಾಯತಿಗಳಲ್ಲಿ ಖಾಲಿ ಇರುವ ಹುದ್ದೆಗಳ ಭರ್ತಿಗೆ ಅರ್ಹ ಅಭ್ಯರ್ಥಿಗಳಿಂದ ಅರ್ಜಿ ಆಹ್ವಾನಿಸಲಾಗಿದೆ. ಅರ್ಜಿ ಸಲ್ಲಿಸಲು ಕೊನೆಯ ದಿನಾಂಕ 15 ಏಪ್ರಿಲ್. ಹೆಚ್ಚಿನ ಮಾಹಿತಿಗಾಗಿ ಕಚೇರಿಯನ್ನು ಸಂಪರ್ಕಿಸಬಹುದು. ಸಾರ್ವಜನಿಕರ ಗಮನಕ್ಕೆ: ನಗರದ ವಿವಿಧ ಬಡಾವಣೆಗಳಲ್ಲಿ ನಿರ್ವಹಣಾ ಕಾಮಗಾರಿ ಹಿನ್ನೆಲೆಯಲ್ಲಿ ಸೋಮವಾರ ಬೆಳಗ್ಗೆ 10 ಗಂಟೆಯಿಂದ ಸಂಜೆ 5 ಗಂಟೆಯವರೆಗೆ ವಿದ್ಯುತ್ ಸರಬರಾಜು ಸ್ಥಗಿತಗೊಳ್ಳಲಿದೆ. ಸಾರ್ವಜನಿಕರು ಸಹಕರಿಸಬೇಕೆಂದು ಕೋರಲಾಗಿದೆ. ಅನಿವಾರ್ಯ ಕಾರಣಗಳಿಂದ ಸಮಯದಲ್ಲಿ ಬದಲಾವಣೆ ಆಗಬಹುದು. ಹಾಸನ ಜಿಲ್ಲಾ ಪಂಚಾಯತ್ ವ್ಯಾಪ್ತಿಯ ವಿವಿಧ ಗ್ರಾಮ ಪಂಚಾಯತಿಗಳಲ್ಲಿ ಖಾಲಿ ಇರುವ ಹುದ್ದೆಗಳ ಭರ್ತಿಗೆ ಅರ್ಹ ಅಭ್ಯರ್ಥಿಗಳಿಂದ ಅರ್ಜಿ ಆಹ್ವಾನಿಸಲಾಗಿದೆ. ಅರ್ಜಿ ಸಲ್ಲಿಸಲು ಕೊನೆಯ ದಿನಾಂಕ 15 ಏಪ್ರಿಲ್. ಹೆಚ್ಚಿನ ಮಾಹಿತಿಗಾಗಿ ಕಚೇರಿಯನ್ನು ಸಂಪರ್ಕಿಸಬಹುದು.
ಪ್ರಕೃತಿ ಮಹಿಳಾ ಸಂಘದಿಂದ ಮಹಿಳಾ ದಿನಾಚರಣೆ
● ಹಾಸನ: ಪ್ರಕೃತಿ ಮಹಿಳಾ ಸಂಘದ ವತಿಯಿಂದ ಅಂತಾರಾಷ್ಟ್ರೀಯ ಮಹಿಳಾ ದಿನಾಚರಣೆಯನ್ನು ಸಂಭ್ರಮದಿಂದ ಆಚರಿಸಲಾಯಿತು. ಮಹಿಳೆಯರ ಸಬಲೀಕರಣಕ್ಕೆ ಸಂಘ ನಿರಂತರವಾಗಿ ಶ್ರಮಿಸುತ್ತಿದೆ ಎಂದು ಅಧ್ಯಕ್ಷರು ತಿಳಿಸಿದರು. ವಿವಿಧ ಕ್ಷೇತ್ರಗಳಲ್ಲಿ ಸಾಧನೆ ಮಾಡಿದ ಮಹಿಳೆಯರನ್ನು ಸನ್ಮಾನಿಸಲಾಯಿತು. ಸಾಂಸ್ಕೃತಿಕ ಕಾರ್ಯಕ್ರಮಗಳು ನಡೆದವು. ಸದಸ್ಯರು ಹೆಚ್ಚಿನ ಸಂಖ್ಯೆಯಲ್ಲಿ ಭಾಗವಹಿಸಿದ್ದರು.
ಪ್ರಕೃತಿ ಮಹಿಳಾ ಸಂಘದ ವತಿಯಿಂದ ಅಂತಾರಾಷ್ಟ್ರೀಯ ಮಹಿಳಾ ದಿನಾಚರಣೆಯನ್ನು ಸಂಭ್ರಮದಿಂದ ಆಚರಿಸಲಾಯಿತು. ಮಹಿಳೆಯರ ಸಬಲೀಕರಣಕ್ಕೆ ಸಂಘ ನಿರಂತರವಾಗಿ ಶ್ರಮಿಸುತ್ತಿದೆ ಎಂದು ಅಧ್ಯಕ್ಷರು ತಿಳಿಸಿದರು. ವಿವಿಧ ಕ್ಷೇತ್ರಗಳಲ್ಲಿ ಸಾಧನೆ ಮಾಡಿದ ಮಹಿಳೆಯರನ್ನು ಸನ್ಮಾನಿಸಲಾಯಿತು. ಸಾಂಸ್ಕೃತಿಕ ಕಾರ್ಯಕ್ರಮಗಳು ನಡೆದವು. ಸದಸ್ಯರು ಹೆಚ್ಚಿನ ಸಂಖ್ಯೆಯಲ್ಲಿ ಭಾಗವಹಿಸಿದ್ದರು.
ಸಾರ್ವಜನಿಕರ ಗಮನಕ್ಕೆ: ನಗರದ ವಿವಿಧ ಬಡಾವಣೆಗಳಲ್ಲಿ ನಿರ್ವಹಣಾ ಕಾಮಗಾರಿ ಹಿನ್ನೆಲೆಯಲ್ಲಿ ಸೋಮವಾರ ಬೆಳಗ್ಗೆ 10 ಗಂಟೆಯಿಂದ ಸಂಜೆ 5 ಗಂಟೆಯವರೆಗೆ ವಿದ್ಯುತ್ ಸರಬರಾಜು ಸ್ಥಗಿತಗೊಳ್ಳಲಿದೆ. ಸಾರ್ವಜನಿಕರು ಸಹಕರಿಸಬೇಕೆಂದು ಕೋರಲಾಗಿದೆ. ಅನಿವಾರ್ಯ ಕಾರಣಗಳಿಂದ ಸಮಯದಲ್ಲಿ ಬದಲಾವಣೆ ಆಗಬಹುದು. ಹಾಸನ ಜಿಲ್ಲಾ ಪಂಚಾಯತ್ ವ್ಯಾಪ್ತಿಯ ವಿವಿಧ ಗ್ರಾಮ ಪಂಚಾಯತಿಗಳಲ್ಲಿ ಖಾಲಿ ಇರುವ ಹುದ್ದೆಗಳ ಭರ್ತಿಗೆ ಅರ್ಹ ಅಭ್ಯರ್ಥಿಗಳಿಂದ ಅರ್ಜಿ ಆಹ್ವಾನಿಸಲಾಗಿದೆ. ಅರ್ಜಿ ಸಲ್ಲಿಸಲು ಕೊನೆಯ ದಿನಾಂಕ 15 ಏಪ್ರಿಲ್. ಹೆಚ್ಚಿನ ಮಾಹಿತಿಗಾಗಿ ಕಚೇರಿಯನ್ನು ಸಂಪರ್ಕಿಸಬಹುದು.
ಹಾಸನ ಜಿಲ್ಲಾ ಪಂಚಾಯತ್ ವ್ಯಾಪ್ತಿಯ ವಿವಿಧ ಗ್ರಾಮ ಪಂಚಾಯತಿಗಳಲ್ಲಿ ಖಾಲಿ ಇರುವ ಹುದ್ದೆಗಳ ಭರ್ತಿಗೆ ಅರ್ಹ ಅಭ್ಯರ್ಥಿಗಳಿಂದ ಅರ್ಜಿ ಆಹ್ವಾನಿಸಲಾಗಿದೆ. ಅರ್ಜಿ ಸಲ್ಲಿಸಲು ಕೊನೆಯ ದಿನಾಂಕ 15 ಏಪ್ರಿಲ್. ಹೆಚ್ಚಿನ ಮಾಹಿತಿಗಾಗಿ ಕಚೇರಿಯನ್ನು ಸಂಪರ್ಕಿಸಬಹುದು. ಸಾರ್ವಜನಿಕರ ಗಮನಕ್ಕೆ: ನಗರದ ವಿವಿಧ ಬಡಾವಣೆಗಳಲ್ಲಿ ನಿರ್ವಹಣಾ ಕಾಮಗಾರಿ ಹಿನ್ನೆಲೆಯಲ್ಲಿ ಸೋಮವಾರ ಬೆಳಗ್ಗೆ 10 ಗಂಟೆಯಿಂದ ಸಂಜೆ 5 ಗಂಟೆಯವರೆಗೆ ವಿದ್ಯುತ್ ಸರಬರಾಜು ಸ್ಥಗಿತಗೊಳ್ಳಲಿದೆ. ಸಾರ್ವಜನಿಕರು ಸಹಕರಿಸಬೇಕೆಂದು ಕೋರಲಾಗಿದೆ. ಅನಿವಾರ್ಯ ಕಾರಣಗಳಿಂದ ಸಮಯದಲ್ಲಿ ಬದಲಾವಣೆ ಆಗಬಹುದು.
ಸಾರ್ವಜನಿಕರ ಗಮನಕ್ಕೆ: ನಗರದ ವಿವಿಧ ಬಡಾವಣೆಗಳಲ್ಲಿ ನಿರ್ವಹಣಾ ಕಾಮಗಾರಿ ಹಿನ್ನೆಲೆಯಲ್ಲಿ ಸೋಮವಾರ ಬೆಳಗ್ಗೆ 10 ಗಂಟೆಯಿಂದ ಸಂಜೆ 5 ಗಂಟೆಯವರೆಗೆ ವಿದ್ಯುತ್ ಸರಬರಾಜು ಸ್ಥಗಿತಗೊಳ್ಳಲಿದೆ. ಸಾರ್ವಜನಿಕರು ಸಹಕರಿಸಬೇಕೆಂದು ಕೋರಲಾಗಿದೆ. ಅನಿವಾರ್ಯ ಕಾರಣಗಳಿಂದ ಸಮಯದಲ್ಲಿ ಬದಲಾವಣೆ ಆಗಬಹುದು. ಹಾಸನ ಜಿಲ್ಲಾ ಪಂಚಾಯತ್ ವ್ಯಾಪ್ತಿಯ ವಿವಿಧ ಗ್ರಾಮ ಪಂಚಾಯತಿಗಳಲ್ಲಿ ಖಾಲಿ ಇರುವ ಹುದ್ದೆಗಳ ಭರ್ತಿಗೆ ಅರ್ಹ ಅಭ್ಯರ್ಥಿಗಳಿಂದ ಅರ್ಜಿ ಆಹ್ವಾನಿಸಲಾಗಿದೆ. ಅರ್ಜಿ ಸಲ್ಲಿಸಲು ಕೊನೆಯ ದಿನಾಂಕ 15 ಏಪ್ರಿಲ್. ಹೆಚ್ಚಿನ ಮಾಹಿತಿಗಾಗಿ ಕಚೇರಿಯನ್ನು ಸಂಪರ್ಕಿಸಬಹುದು.
